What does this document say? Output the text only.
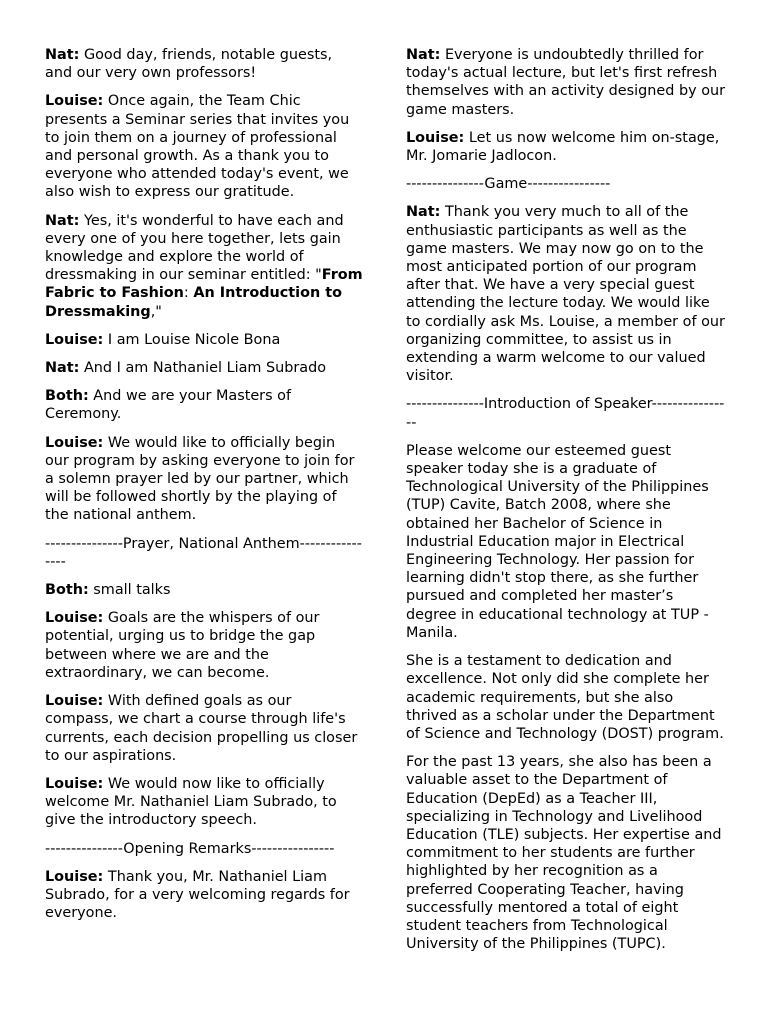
Nat: Good day, friends, notable guests, and our very own professors!

Louise: Once again, the Team Chic presents a Seminar series that invites you to join them on a journey of professional and personal growth. As a thank you to everyone who attended today's event, we also wish to express our gratitude.

Nat: Yes, it's wonderful to have each and every one of you here together, lets gain knowledge and explore the world of dressmaking in our seminar entitled: "From Fabric to Fashion: An Introduction to Dressmaking,"

Louise: I am Louise Nicole Bona

Nat: And I am Nathaniel Liam Subrado

Both: And we are your Masters of Ceremony.

Louise: We would like to officially begin our program by asking everyone to join for a solemn prayer led by our partner, which will be followed shortly by the playing of the national anthem.

---------------Prayer, National Anthem----------------

Both: small talks

Louise: Goals are the whispers of our potential, urging us to bridge the gap between where we are and the extraordinary, we can become.

Louise: With defined goals as our compass, we chart a course through life's currents, each decision propelling us closer to our aspirations.

Louise: We would now like to officially welcome Mr. Nathaniel Liam Subrado, to give the introductory speech.

---------------Opening Remarks----------------

Louise: Thank you, Mr. Nathaniel Liam Subrado, for a very welcoming regards for everyone.

Nat: Everyone is undoubtedly thrilled for today's actual lecture, but let's first refresh themselves with an activity designed by our game masters.

Louise: Let us now welcome him on-stage, Mr. Jomarie Jadlocon.

---------------Game----------------

Nat: Thank you very much to all of the enthusiastic participants as well as the game masters. We may now go on to the most anticipated portion of our program after that. We have a very special guest attending the lecture today. We would like to cordially ask Ms. Louise, a member of our organizing committee, to assist us in extending a warm welcome to our valued visitor.

---------------Introduction of Speaker----------------

Please welcome our esteemed guest speaker today she is a graduate of Technological University of the Philippines (TUP) Cavite, Batch 2008, where she obtained her Bachelor of Science in Industrial Education major in Electrical Engineering Technology. Her passion for learning didn't stop there, as she further pursued and completed her master’s degree in educational technology at TUP - Manila.

She is a testament to dedication and excellence. Not only did she complete her academic requirements, but she also thrived as a scholar under the Department of Science and Technology (DOST) program.

For the past 13 years, she also has been a valuable asset to the Department of Education (DepEd) as a Teacher III, specializing in Technology and Livelihood Education (TLE) subjects. Her expertise and commitment to her students are further highlighted by her recognition as a preferred Cooperating Teacher, having successfully mentored a total of eight student teachers from Technological University of the Philippines (TUPC).
